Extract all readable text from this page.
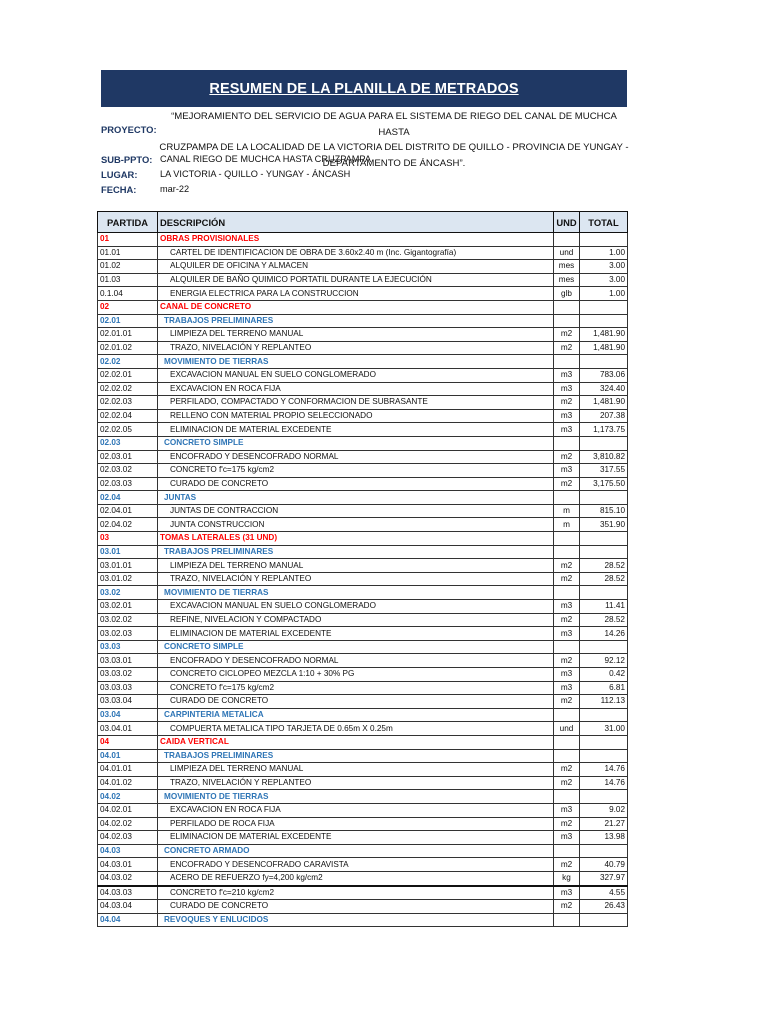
RESUMEN DE LA PLANILLA DE METRADOS
“MEJORAMIENTO DEL SERVICIO DE AGUA PARA EL SISTEMA DE RIEGO DEL CANAL DE MUCHCA HASTA
CRUZPAMPA DE LA LOCALIDAD DE LA VICTORIA DEL DISTRITO DE QUILLO - PROVINCIA DE YUNGAY -
DEPARTAMENTO DE ÁNCASH”.
PROYECTO:
SUB-PPTO: CANAL RIEGO DE MUCHCA HASTA CRUZPAMPA
LUGAR: LA VICTORIA - QUILLO - YUNGAY - ÁNCASH
FECHA:	mar-22
PARTIDA	DESCRIPCIÓN	UND	TOTAL
01	OBRAS PROVISIONALES		
01.01	CARTEL DE IDENTIFICACION DE OBRA DE 3.60x2.40 m (Inc. Gigantografía)	und	1.00
01.02	ALQUILER DE OFICINA Y ALMACEN	mes	3.00
01.03	ALQUILER DE BAÑO QUIMICO PORTATIL DURANTE LA EJECUCIÓN	mes	3.00
0.1.04	ENERGIA ELECTRICA PARA LA CONSTRUCCION	glb	1.00
02	CANAL DE CONCRETO		
02.01	TRABAJOS PRELIMINARES		
02.01.01	LIMPIEZA DEL TERRENO MANUAL	m2	1,481.90
02.01.02	TRAZO, NIVELACIÓN Y REPLANTEO	m2	1,481.90
02.02	MOVIMIENTO DE TIERRAS		
02.02.01	EXCAVACION MANUAL EN SUELO CONGLOMERADO	m3	783.06
02.02.02	EXCAVACION EN ROCA FIJA	m3	324.40
02.02.03	PERFILADO, COMPACTADO Y CONFORMACION DE SUBRASANTE	m2	1,481.90
02.02.04	RELLENO CON MATERIAL PROPIO SELECCIONADO	m3	207.38
02.02.05	ELIMINACION DE MATERIAL EXCEDENTE	m3	1,173.75
02.03	CONCRETO SIMPLE		
02.03.01	ENCOFRADO Y DESENCOFRADO NORMAL	m2	3,810.82
02.03.02	CONCRETO f'c=175 kg/cm2	m3	317.55
02.03.03	CURADO DE CONCRETO	m2	3,175.50
02.04	JUNTAS		
02.04.01	JUNTAS DE CONTRACCION	m	815.10
02.04.02	JUNTA CONSTRUCCION	m	351.90
03	TOMAS LATERALES (31 UND)		
03.01	TRABAJOS PRELIMINARES		
03.01.01	LIMPIEZA DEL TERRENO MANUAL	m2	28.52
03.01.02	TRAZO, NIVELACIÓN Y REPLANTEO	m2	28.52
03.02	MOVIMIENTO DE TIERRAS		
03.02.01	EXCAVACION MANUAL EN SUELO CONGLOMERADO	m3	11.41
03.02.02	REFINE, NIVELACION Y COMPACTADO	m2	28.52
03.02.03	ELIMINACION DE MATERIAL EXCEDENTE	m3	14.26
03.03	CONCRETO SIMPLE		
03.03.01	ENCOFRADO Y DESENCOFRADO NORMAL	m2	92.12
03.03.02	CONCRETO CICLOPEO MEZCLA 1:10 + 30% PG	m3	0.42
03.03.03	CONCRETO f'c=175 kg/cm2	m3	6.81
03.03.04	CURADO DE CONCRETO	m2	112.13
03.04	CARPINTERIA METALICA		
03.04.01	COMPUERTA METALICA TIPO TARJETA DE 0.65m X 0.25m	und	31.00
04	CAIDA VERTICAL		
04.01	TRABAJOS PRELIMINARES		
04.01.01	LIMPIEZA DEL TERRENO MANUAL	m2	14.76
04.01.02	TRAZO, NIVELACIÓN Y REPLANTEO	m2	14.76
04.02	MOVIMIENTO DE TIERRAS		
04.02.01	EXCAVACION EN ROCA FIJA	m3	9.02
04.02.02	PERFILADO DE ROCA FIJA	m2	21.27
04.02.03	ELIMINACION DE MATERIAL EXCEDENTE	m3	13.98
04.03	CONCRETO ARMADO		
04.03.01	ENCOFRADO Y DESENCOFRADO CARAVISTA	m2	40.79
04.03.02	ACERO DE REFUERZO fy=4,200 kg/cm2	kg	327.97
04.03.03	CONCRETO f'c=210 kg/cm2	m3	4.55
04.03.04	CURADO DE CONCRETO	m2	26.43
04.04	REVOQUES Y ENLUCIDOS		
